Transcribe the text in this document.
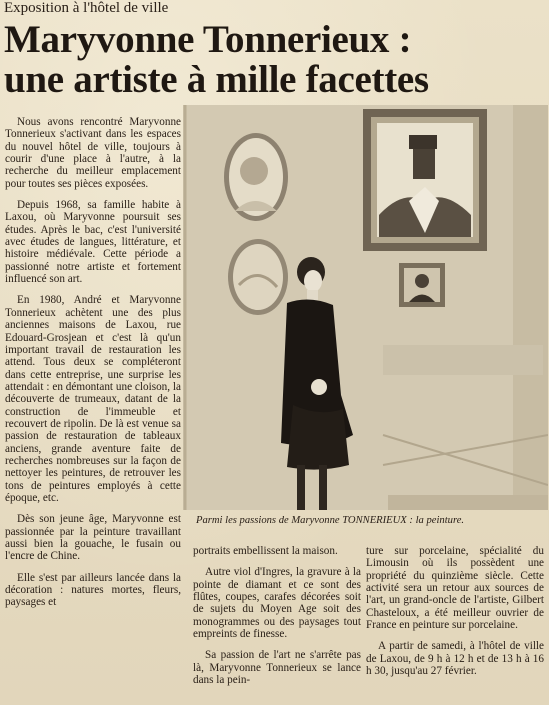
Exposition à l'hôtel de ville
Maryvonne Tonnerieux :
une artiste à mille facettes

Nous avons rencontré Maryvonne Tonnerieux s'activant dans les espaces du nouvel hôtel de ville, toujours à courir d'une place à l'autre, à la recherche du meilleur emplacement pour toutes ses pièces exposées.

Depuis 1968, sa famille habite à Laxou, où Maryvonne poursuit ses études. Après le bac, c'est l'université avec études de langues, littérature, et histoire médiévale. Cette période a passionné notre artiste et fortement influencé son art.

En 1980, André et Maryvonne Tonnerieux achètent une des plus anciennes maisons de Laxou, rue Edouard-Grosjean et c'est là qu'un important travail de restauration les attend. Tous deux se compléteront dans cette entreprise, une surprise les attendait : en démontant une cloison, la découverte de trumeaux, datant de la construction de l'immeuble et recouvert de ripolin. De là est venue sa passion de restauration de tableaux anciens, grande aventure faite de recherches nombreuses sur la façon de nettoyer les peintures, de retrouver les tons de peintures employés à cette époque, etc.

Dès son jeune âge, Maryvonne est passionnée par la peinture travaillant aussi bien la gouache, le fusain ou l'encre de Chine.

Elle s'est par ailleurs lancée dans la décoration : natures mortes, fleurs, paysages et

Parmi les passions de Maryvonne TONNERIEUX : la peinture.

portraits embellissent la maison.

Autre viol d'Ingres, la gravure à la pointe de diamant et ce sont des flûtes, coupes, carafes décorées soit de sujets du Moyen Age soit des monogrammes ou des paysages tout empreints de finesse.

Sa passion de l'art ne s'arrête pas là, Maryvonne Tonnerieux se lance dans la pein-

ture sur porcelaine, spécialité du Limousin où ils possèdent une propriété du quinzième siècle. Cette activité sera un retour aux sources de l'art, un grand-oncle de l'artiste, Gilbert Chasteloux, a été meilleur ouvrier de France en peinture sur porcelaine.

A partir de samedi, à l'hôtel de ville de Laxou, de 9 h à 12 h et de 13 h à 16 h 30, jusqu'au 27 février.
